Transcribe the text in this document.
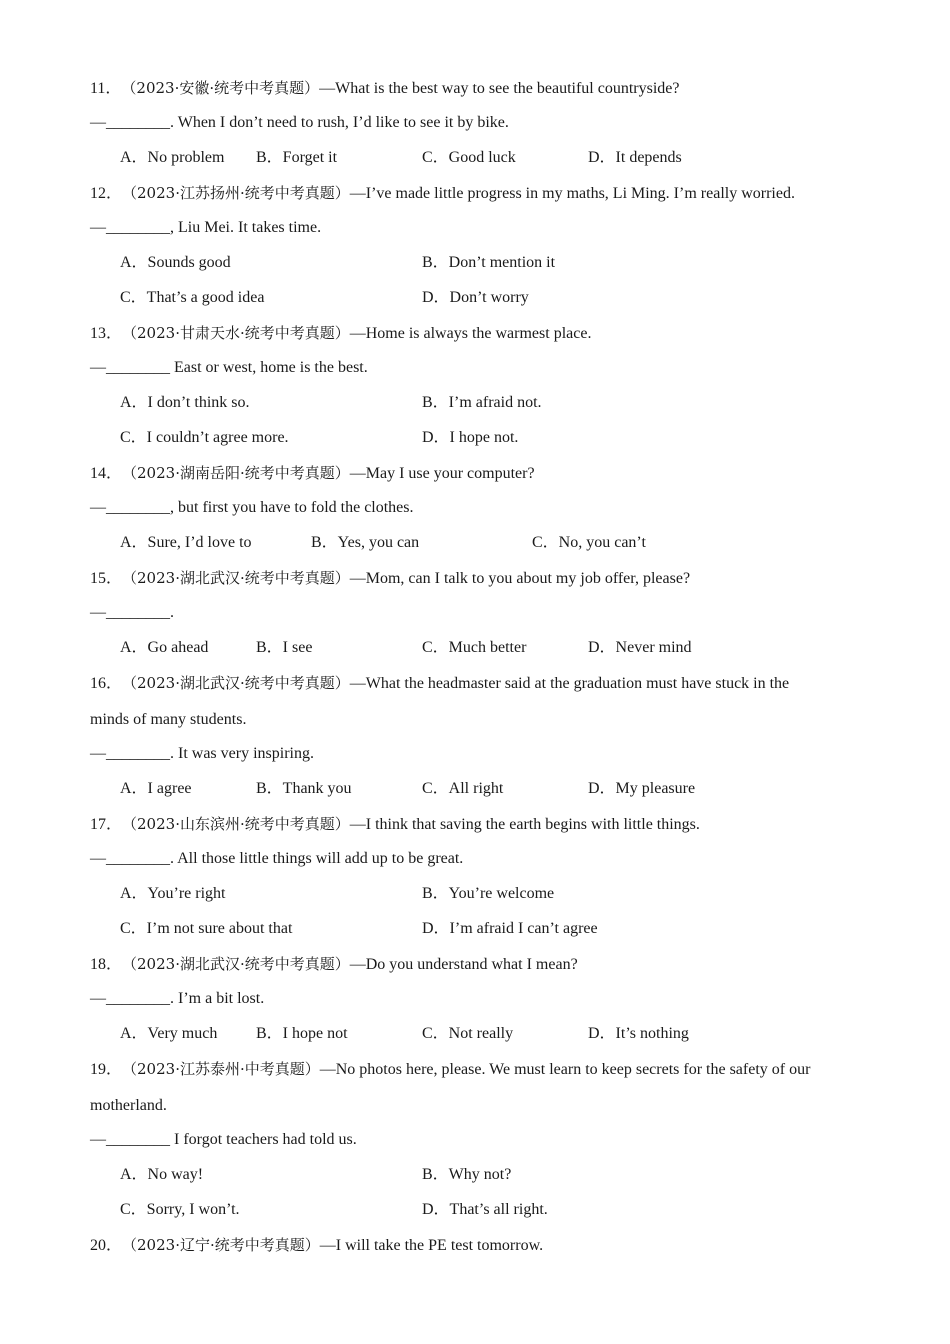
11．（2023·安徽·统考中考真题）—What is the best way to see the beautiful countryside?
—________. When I don’t need to rush, I’d like to see it by bike.
A．No problem B．Forget it	C．Good luck	D．It depends
12．（2023·江苏扬州·统考中考真题）—I’ve made little progress in my maths, Li Ming. I’m really worried.
—________, Liu Mei. It takes time.
A．Sounds good	B．Don’t mention it
C．That’s a good idea	D．Don’t worry
13．（2023·甘肃天水·统考中考真题）—Home is always the warmest place.
—________ East or west, home is the best.
A．I don’t think so.	B．I’m afraid not.
C．I couldn’t agree more.	D．I hope not.
14．（2023·湖南岳阳·统考中考真题）—May I use your computer?
—________, but first you have to fold the clothes.
A．Sure, I’d love to	B．Yes, you can	C．No, you can’t
15．（2023·湖北武汉·统考中考真题）—Mom, can I talk to you about my job offer, please?
—________.
A．Go ahead	B．I see	C．Much better	D．Never mind
16．（2023·湖北武汉·统考中考真题）—What the headmaster said at the graduation must have stuck in the
minds of many students.
—________. It was very inspiring.
A．I agree	B．Thank you	C．All right	D．My pleasure
17．（2023·山东滨州·统考中考真题）—I think that saving the earth begins with little things.
—________. All those little things will add up to be great.
A．You’re right	B．You’re welcome
C．I’m not sure about that	D．I’m afraid I can’t agree
18．（2023·湖北武汉·统考中考真题）—Do you understand what I mean?
—________. I’m a bit lost.
A．Very much B．I hope not	C．Not really	D．It’s nothing
19．（2023·江苏泰州·中考真题）—No photos here, please. We must learn to keep secrets for the safety of our
motherland.
—________ I forgot teachers had told us.
A．No way!	B．Why not?
C．Sorry, I won’t.	D．That’s all right.
20．（2023·辽宁·统考中考真题）—I will take the PE test tomorrow.
